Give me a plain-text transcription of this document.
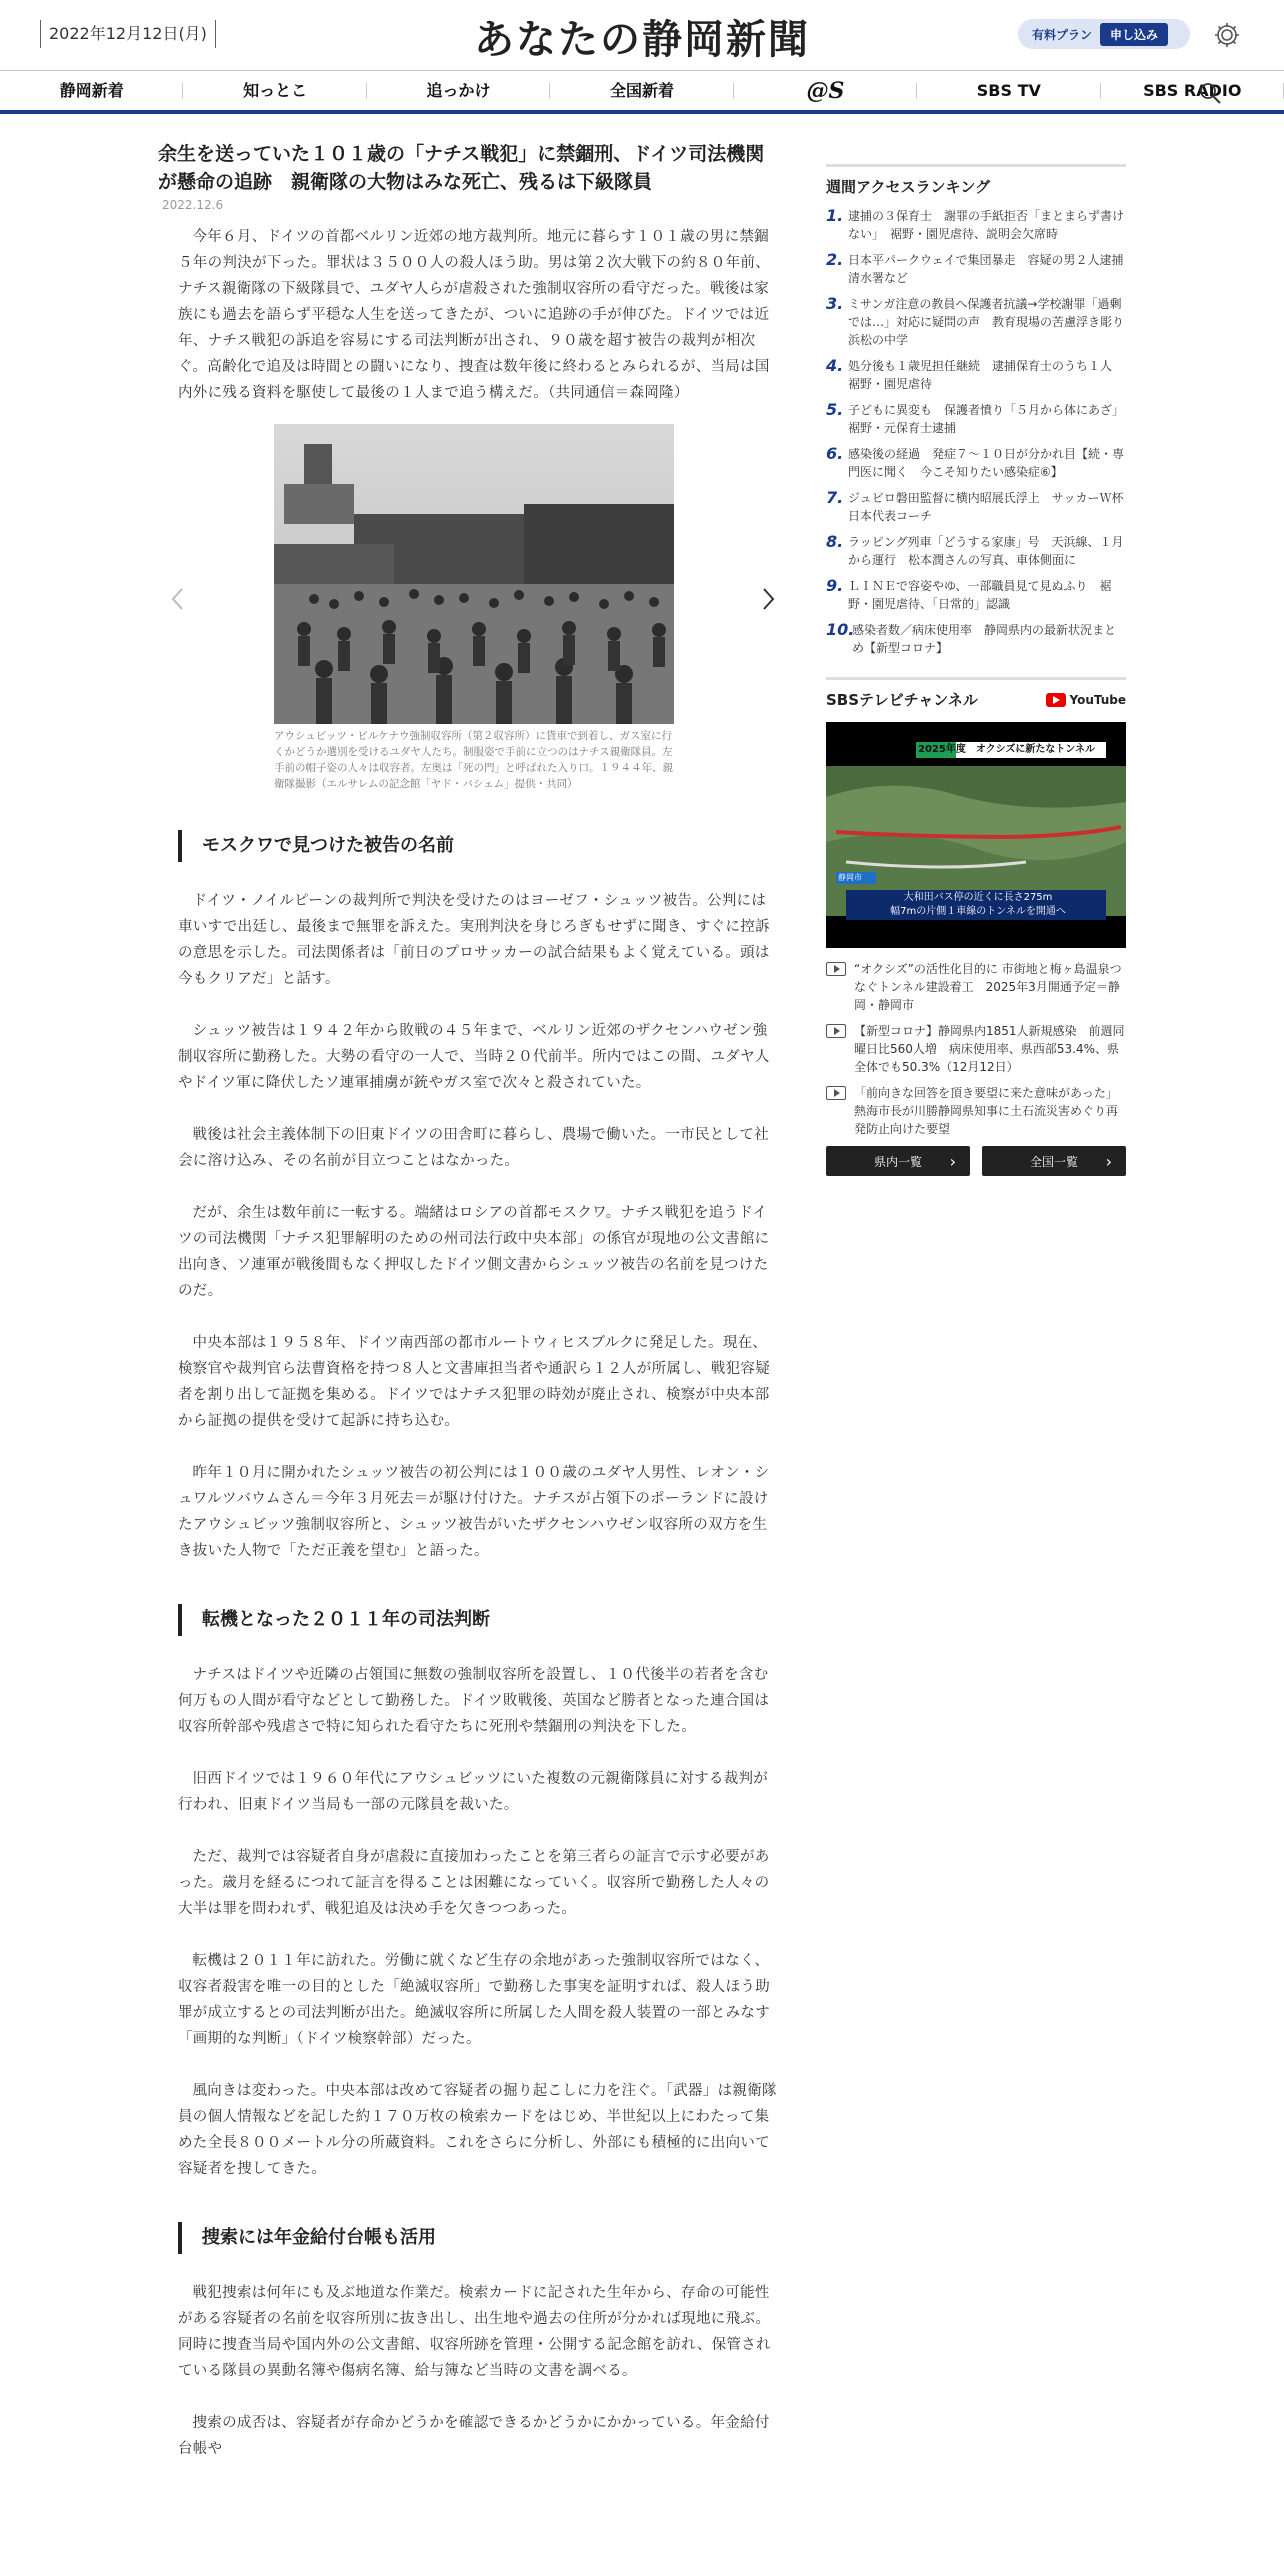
2022年12月12日(月)	あなたの静岡新聞	有料プラン	申し込み
静岡新着	知っとこ	追っかけ	全国新着	@S	SBS TV	SBS RADIO
余生を送っていた１０１歳の「ナチス戦犯」に禁錮刑、ドイツ司法機関が懸命の追跡　親衛隊の大物はみな死亡、残るは下級隊員
2022.12.6

今年６月、ドイツの首都ベルリン近郊の地方裁判所。地元に暮らす１０１歳の男に禁錮５年の判決が下った。罪状は３５００人の殺人ほう助。男は第２次大戦下の約８０年前、ナチス親衛隊の下級隊員で、ユダヤ人らが虐殺された強制収容所の看守だった。戦後は家族にも過去を語らず平穏な人生を送ってきたが、ついに追跡の手が伸びた。ドイツでは近年、ナチス戦犯の訴追を容易にする司法判断が出され、９０歳を超す被告の裁判が相次ぐ。高齢化で追及は時間との闘いになり、捜査は数年後に終わるとみられるが、当局は国内外に残る資料を駆使して最後の１人まで追う構えだ。（共同通信＝森岡隆）

アウシュビッツ・ビルケナウ強制収容所（第２収容所）に貨車で到着し、ガス室に行くかどうか選別を受けるユダヤ人たち。制服姿で手前に立つのはナチス親衛隊員。左手前の帽子姿の人々は収容者。左奥は「死の門」と呼ばれた入り口。１９４４年、親衛隊撮影（エルサレムの記念館「ヤド・バシェム」提供・共同）
モスクワで見つけた被告の名前

ドイツ・ノイルピーンの裁判所で判決を受けたのはヨーゼフ・シュッツ被告。公判には車いすで出廷し、最後まで無罪を訴えた。実刑判決を身じろぎもせずに聞き、すぐに控訴の意思を示した。司法関係者は「前日のプロサッカーの試合結果もよく覚えている。頭は今もクリアだ」と話す。

シュッツ被告は１９４２年から敗戦の４５年まで、ベルリン近郊のザクセンハウゼン強制収容所に勤務した。大勢の看守の一人で、当時２０代前半。所内ではこの間、ユダヤ人やドイツ軍に降伏したソ連軍捕虜が銃やガス室で次々と殺されていた。

戦後は社会主義体制下の旧東ドイツの田舎町に暮らし、農場で働いた。一市民として社会に溶け込み、その名前が目立つことはなかった。

だが、余生は数年前に一転する。端緒はロシアの首都モスクワ。ナチス戦犯を追うドイツの司法機関「ナチス犯罪解明のための州司法行政中央本部」の係官が現地の公文書館に出向き、ソ連軍が戦後間もなく押収したドイツ側文書からシュッツ被告の名前を見つけたのだ。

中央本部は１９５８年、ドイツ南西部の都市ルートウィヒスブルクに発足した。現在、検察官や裁判官ら法曹資格を持つ８人と文書庫担当者や通訳ら１２人が所属し、戦犯容疑者を割り出して証拠を集める。ドイツではナチス犯罪の時効が廃止され、検察が中央本部から証拠の提供を受けて起訴に持ち込む。

昨年１０月に開かれたシュッツ被告の初公判には１００歳のユダヤ人男性、レオン・シュワルツバウムさん＝今年３月死去＝が駆け付けた。ナチスが占領下のポーランドに設けたアウシュビッツ強制収容所と、シュッツ被告がいたザクセンハウゼン収容所の双方を生き抜いた人物で「ただ正義を望む」と語った。

転機となった２０１１年の司法判断

ナチスはドイツや近隣の占領国に無数の強制収容所を設置し、１０代後半の若者を含む何万もの人間が看守などとして勤務した。ドイツ敗戦後、英国など勝者となった連合国は収容所幹部や残虐さで特に知られた看守たちに死刑や禁錮刑の判決を下した。

旧西ドイツでは１９６０年代にアウシュビッツにいた複数の元親衛隊員に対する裁判が行われ、旧東ドイツ当局も一部の元隊員を裁いた。

ただ、裁判では容疑者自身が虐殺に直接加わったことを第三者らの証言で示す必要があった。歳月を経るにつれて証言を得ることは困難になっていく。収容所で勤務した人々の大半は罪を問われず、戦犯追及は決め手を欠きつつあった。

転機は２０１１年に訪れた。労働に就くなど生存の余地があった強制収容所ではなく、収容者殺害を唯一の目的とした「絶滅収容所」で勤務した事実を証明すれば、殺人ほう助罪が成立するとの司法判断が出た。絶滅収容所に所属した人間を殺人装置の一部とみなす「画期的な判断」（ドイツ検察幹部）だった。

風向きは変わった。中央本部は改めて容疑者の掘り起こしに力を注ぐ。「武器」は親衛隊員の個人情報などを記した約１７０万枚の検索カードをはじめ、半世紀以上にわたって集めた全長８００メートル分の所蔵資料。これをさらに分析し、外部にも積極的に出向いて容疑者を捜してきた。

捜索には年金給付台帳も活用

戦犯捜索は何年にも及ぶ地道な作業だ。検索カードに記された生年から、存命の可能性がある容疑者の名前を収容所別に抜き出し、出生地や過去の住所が分かれば現地に飛ぶ。同時に捜査当局や国内外の公文書館、収容所跡を管理・公開する記念館を訪れ、保管されている隊員の異動名簿や傷病名簿、給与簿など当時の文書を調べる。

捜索の成否は、容疑者が存命かどうかを確認できるかどうかにかかっている。年金給付台帳や

週間アクセスランキング
1. 逮捕の３保育士　謝罪の手紙拒否「まとまらず書けない」　裾野・園児虐待、説明会欠席時
2. 日本平パークウェイで集団暴走　容疑の男２人逮捕　清水署など
3. ミサンガ注意の教員へ保護者抗議→学校謝罪「過剰では…」対応に疑問の声　教育現場の苦慮浮き彫り　浜松の中学
4. 処分後も１歳児担任継続　逮捕保育士のうち１人　裾野・園児虐待
5. 子どもに異変も　保護者憤り「５月から体にあざ」　裾野・元保育士逮捕
6. 感染後の経過　発症７～１０日が分かれ目【続・専門医に聞く　今こそ知りたい感染症⑥】
7. ジュビロ磐田監督に横内昭展氏浮上　サッカーＷ杯日本代表コーチ
8. ラッピング列車「どうする家康」号　天浜線、１月から運行　松本潤さんの写真、車体側面に
9. ＬＩＮＥで容姿やゆ、一部職員見て見ぬふり　裾野・園児虐待、「日常的」認識
10.
感染者数／病床使用率　静岡県内の最新状況まとめ【新型コロナ】
SBSテレビチャンネル	YouTube
2025年度　オクシズに新たなトンネル
静岡市
大和田バス停の近くに長さ275m
幅7mの片側１車線のトンネルを開通へ
“オクシズ”の活性化目的に 市街地と梅ヶ島温泉つなぐトンネル建設着工　2025年3月開通予定＝静岡・静岡市
【新型コロナ】静岡県内1851人新規感染　前週同曜日比560人増　病床使用率、県西部53.4%、県全体でも50.3%（12月12日）
「前向きな回答を頂き要望に来た意味があった」熱海市長が川勝静岡県知事に土石流災害めぐり再発防止向けた要望
県内一覧 ›	全国一覧 ›
